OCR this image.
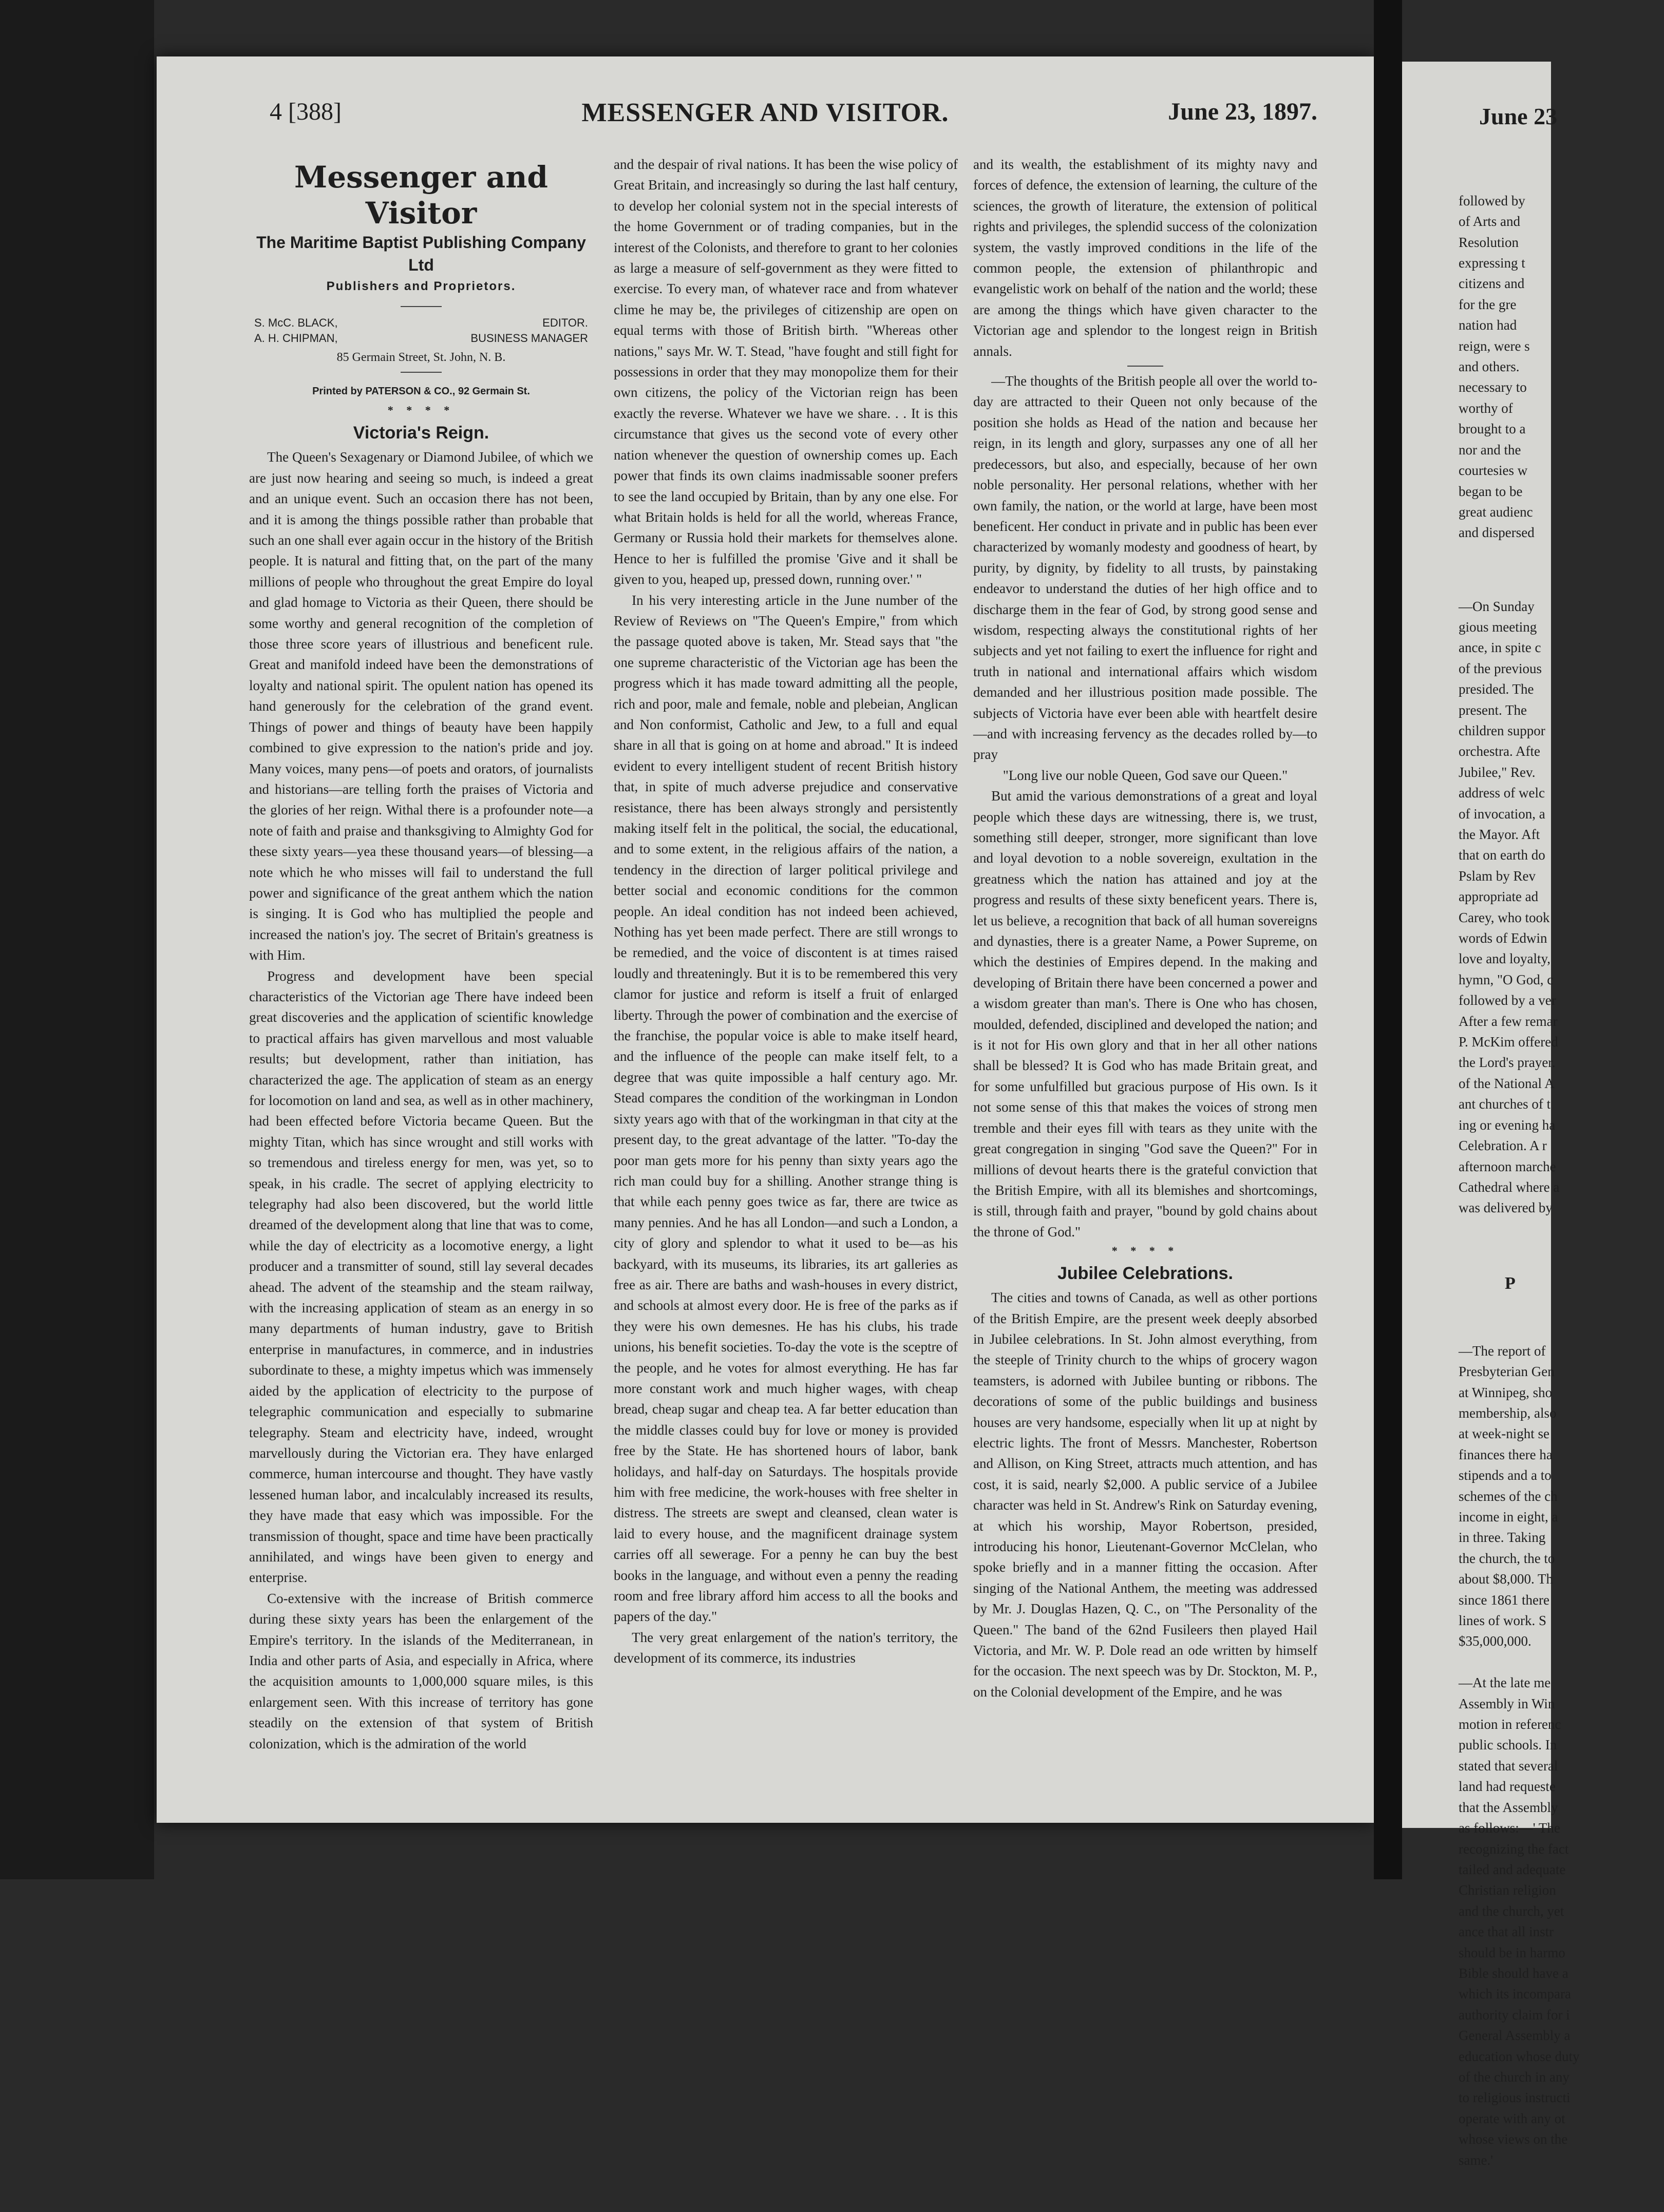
4 [388]	MESSENGER AND VISITOR.	June 23, 1897.
Messenger and Visitor
The Maritime Baptist Publishing Company Ltd
Publishers and Proprietors.
S. McC. BLACK,	EDITOR.
A. H. CHIPMAN,	BUSINESS MANAGER
85 Germain Street, St. John, N. B.
Printed by PATERSON & CO., 92 Germain St.
* * * *
Victoria's Reign.

The Queen's Sexagenary or Diamond Jubilee, of which we are just now hearing and seeing so much, is indeed a great and an unique event. Such an occasion there has not been, and it is among the things possible rather than probable that such an one shall ever again occur in the history of the British people. It is natural and fitting that, on the part of the many millions of people who throughout the great Empire do loyal and glad homage to Victoria as their Queen, there should be some worthy and general recognition of the completion of those three score years of illustrious and beneficent rule. Great and manifold indeed have been the demonstrations of loyalty and national spirit. The opulent nation has opened its hand generously for the celebration of the grand event. Things of power and things of beauty have been happily combined to give expression to the nation's pride and joy. Many voices, many pens—of poets and orators, of journalists and historians—are telling forth the praises of Victoria and the glories of her reign. Withal there is a profounder note—a note of faith and praise and thanksgiving to Almighty God for these sixty years—yea these thousand years—of blessing—a note which he who misses will fail to understand the full power and significance of the great anthem which the nation is singing. It is God who has multiplied the people and increased the nation's joy. The secret of Britain's greatness is with Him.

Progress and development have been special characteristics of the Victorian age There have indeed been great discoveries and the application of scientific knowledge to practical affairs has given marvellous and most valuable results; but development, rather than initiation, has characterized the age. The application of steam as an energy for locomotion on land and sea, as well as in other machinery, had been effected before Victoria became Queen. But the mighty Titan, which has since wrought and still works with so tremendous and tireless energy for men, was yet, so to speak, in his cradle. The secret of applying electricity to telegraphy had also been discovered, but the world little dreamed of the development along that line that was to come, while the day of electricity as a locomotive energy, a light producer and a transmitter of sound, still lay several decades ahead. The advent of the steamship and the steam railway, with the increasing application of steam as an energy in so many departments of human industry, gave to British enterprise in manufactures, in commerce, and in industries subordinate to these, a mighty impetus which was immensely aided by the application of electricity to the purpose of telegraphic communication and especially to submarine telegraphy. Steam and electricity have, indeed, wrought marvellously during the Victorian era. They have enlarged commerce, human intercourse and thought. They have vastly lessened human labor, and incalculably increased its results, they have made that easy which was impossible. For the transmission of thought, space and time have been practically annihilated, and wings have been given to energy and enterprise.

Co-extensive with the increase of British commerce during these sixty years has been the enlargement of the Empire's territory. In the islands of the Mediterranean, in India and other parts of Asia, and especially in Africa, where the acquisition amounts to 1,000,000 square miles, is this enlargement seen. With this increase of territory has gone steadily on the extension of that system of British colonization, which is the admiration of the world

and the despair of rival nations. It has been the wise policy of Great Britain, and increasingly so during the last half century, to develop her colonial system not in the special interests of the home Government or of trading companies, but in the interest of the Colonists, and therefore to grant to her colonies as large a measure of self-government as they were fitted to exercise. To every man, of whatever race and from whatever clime he may be, the privileges of citizenship are open on equal terms with those of British birth. "Whereas other nations," says Mr. W. T. Stead, "have fought and still fight for possessions in order that they may monopolize them for their own citizens, the policy of the Victorian reign has been exactly the reverse. Whatever we have we share. . . It is this circumstance that gives us the second vote of every other nation whenever the question of ownership comes up. Each power that finds its own claims inadmissable sooner prefers to see the land occupied by Britain, than by any one else. For what Britain holds is held for all the world, whereas France, Germany or Russia hold their markets for themselves alone. Hence to her is fulfilled the promise 'Give and it shall be given to you, heaped up, pressed down, running over.' "

In his very interesting article in the June number of the Review of Reviews on "The Queen's Empire," from which the passage quoted above is taken, Mr. Stead says that "the one supreme characteristic of the Victorian age has been the progress which it has made toward admitting all the people, rich and poor, male and female, noble and plebeian, Anglican and Non conformist, Catholic and Jew, to a full and equal share in all that is going on at home and abroad." It is indeed evident to every intelligent student of recent British history that, in spite of much adverse prejudice and conservative resistance, there has been always strongly and persistently making itself felt in the political, the social, the educational, and to some extent, in the religious affairs of the nation, a tendency in the direction of larger political privilege and better social and economic conditions for the common people. An ideal condition has not indeed been achieved, Nothing has yet been made perfect. There are still wrongs to be remedied, and the voice of discontent is at times raised loudly and threateningly. But it is to be remembered this very clamor for justice and reform is itself a fruit of enlarged liberty. Through the power of combination and the exercise of the franchise, the popular voice is able to make itself heard, and the influence of the people can make itself felt, to a degree that was quite impossible a half century ago. Mr. Stead compares the condition of the workingman in London sixty years ago with that of the workingman in that city at the present day, to the great advantage of the latter. "To-day the poor man gets more for his penny than sixty years ago the rich man could buy for a shilling. Another strange thing is that while each penny goes twice as far, there are twice as many pennies. And he has all London—and such a London, a city of glory and splendor to what it used to be—as his backyard, with its museums, its libraries, its art galleries as free as air. There are baths and wash-houses in every district, and schools at almost every door. He is free of the parks as if they were his own demesnes. He has his clubs, his trade unions, his benefit societies. To-day the vote is the sceptre of the people, and he votes for almost everything. He has far more constant work and much higher wages, with cheap bread, cheap sugar and cheap tea. A far better education than the middle classes could buy for love or money is provided free by the State. He has shortened hours of labor, bank holidays, and half-day on Saturdays. The hospitals provide him with free medicine, the work-houses with free shelter in distress. The streets are swept and cleansed, clean water is laid to every house, and the magnificent drainage system carries off all sewerage. For a penny he can buy the best books in the language, and without even a penny the reading room and free library afford him access to all the books and papers of the day."

The very great enlargement of the nation's territory, the development of its commerce, its industries

and its wealth, the establishment of its mighty navy and forces of defence, the extension of learning, the culture of the sciences, the growth of literature, the extension of political rights and privileges, the splendid success of the colonization system, the vastly improved conditions in the life of the common people, the extension of philanthropic and evangelistic work on behalf of the nation and the world; these are among the things which have given character to the Victorian age and splendor to the longest reign in British annals.

—The thoughts of the British people all over the world to-day are attracted to their Queen not only because of the position she holds as Head of the nation and because her reign, in its length and glory, surpasses any one of all her predecessors, but also, and especially, because of her own noble personality. Her personal relations, whether with her own family, the nation, or the world at large, have been most beneficent. Her conduct in private and in public has been ever characterized by womanly modesty and goodness of heart, by purity, by dignity, by fidelity to all trusts, by painstaking endeavor to understand the duties of her high office and to discharge them in the fear of God, by strong good sense and wisdom, respecting always the constitutional rights of her subjects and yet not failing to exert the influence for right and truth in national and international affairs which wisdom demanded and her illustrious position made possible. The subjects of Victoria have ever been able with heartfelt desire—and with increasing fervency as the decades rolled by—to pray

"Long live our noble Queen, God save our Queen."

But amid the various demonstrations of a great and loyal people which these days are witnessing, there is, we trust, something still deeper, stronger, more significant than love and loyal devotion to a noble sovereign, exultation in the greatness which the nation has attained and joy at the progress and results of these sixty beneficent years. There is, let us believe, a recognition that back of all human sovereigns and dynasties, there is a greater Name, a Power Supreme, on which the destinies of Empires depend. In the making and developing of Britain there have been concerned a power and a wisdom greater than man's. There is One who has chosen, moulded, defended, disciplined and developed the nation; and is it not for His own glory and that in her all other nations shall be blessed? It is God who has made Britain great, and for some unfulfilled but gracious purpose of His own. Is it not some sense of this that makes the voices of strong men tremble and their eyes fill with tears as they unite with the great congregation in singing "God save the Queen?" For in millions of devout hearts there is the grateful conviction that the British Empire, with all its blemishes and shortcomings, is still, through faith and prayer, "bound by gold chains about the throne of God."

* * * *
Jubilee Celebrations.

The cities and towns of Canada, as well as other portions of the British Empire, are the present week deeply absorbed in Jubilee celebrations. In St. John almost everything, from the steeple of Trinity church to the whips of grocery wagon teamsters, is adorned with Jubilee bunting or ribbons. The decorations of some of the public buildings and business houses are very handsome, especially when lit up at night by electric lights. The front of Messrs. Manchester, Robertson and Allison, on King Street, attracts much attention, and has cost, it is said, nearly $2,000. A public service of a Jubilee character was held in St. Andrew's Rink on Saturday evening, at which his worship, Mayor Robertson, presided, introducing his honor, Lieutenant-Governor McClelan, who spoke briefly and in a manner fitting the occasion. After singing of the National Anthem, the meeting was addressed by Mr. J. Douglas Hazen, Q. C., on "The Personality of the Queen." The band of the 62nd Fusileers then played Hail Victoria, and Mr. W. P. Dole read an ode written by himself for the occasion. The next speech was by Dr. Stockton, M. P., on the Colonial development of the Empire, and he was

June 23

followed by
of Arts and
Resolution
expressing t
citizens and
for the gre
nation had
reign, were s
and others.
necessary to
worthy of
brought to a
nor and the
courtesies w
began to be
great audienc
and dispersed

—On Sunday
gious meeting
ance, in spite c
of the previous
presided. The
present. The
children suppor
orchestra. Afte
Jubilee," Rev.
address of welc
of invocation, a
the Mayor. Aft
that on earth do
Pslam by Rev
appropriate ad
Carey, who took
words of Edwin
love and loyalty,
hymn, "O God, c
followed by a ver
After a few remar
P. McKim offered
the Lord's prayer.
of the National A
ant churches of t
ing or evening ha
Celebration. A r
afternoon marche
Cathedral where a
was delivered by

P

—The report of
Presbyterian Gen
at Winnipeg, sho
membership, also
at week-night se
finances there ha
stipends and a to
schemes of the ch
income in eight, a
in three. Taking
the church, the to
about $8,000. Th
since 1861 there
lines of work. S
$35,000,000.

—At the late me
Assembly in Win
motion in referenc
public schools. In
stated that several
land had requeste
that the Assembly
as follows:—' The
recognizing the fact
tailed and adequate
Christian religion
and the church, yet
ance that all instr
should be in harmo
Bible should have a
which its incompara
authority claim for i
General Assembly a
education whose duty
of the church in any
to religious instructi
operate with any ot
whose views on the
same.'
